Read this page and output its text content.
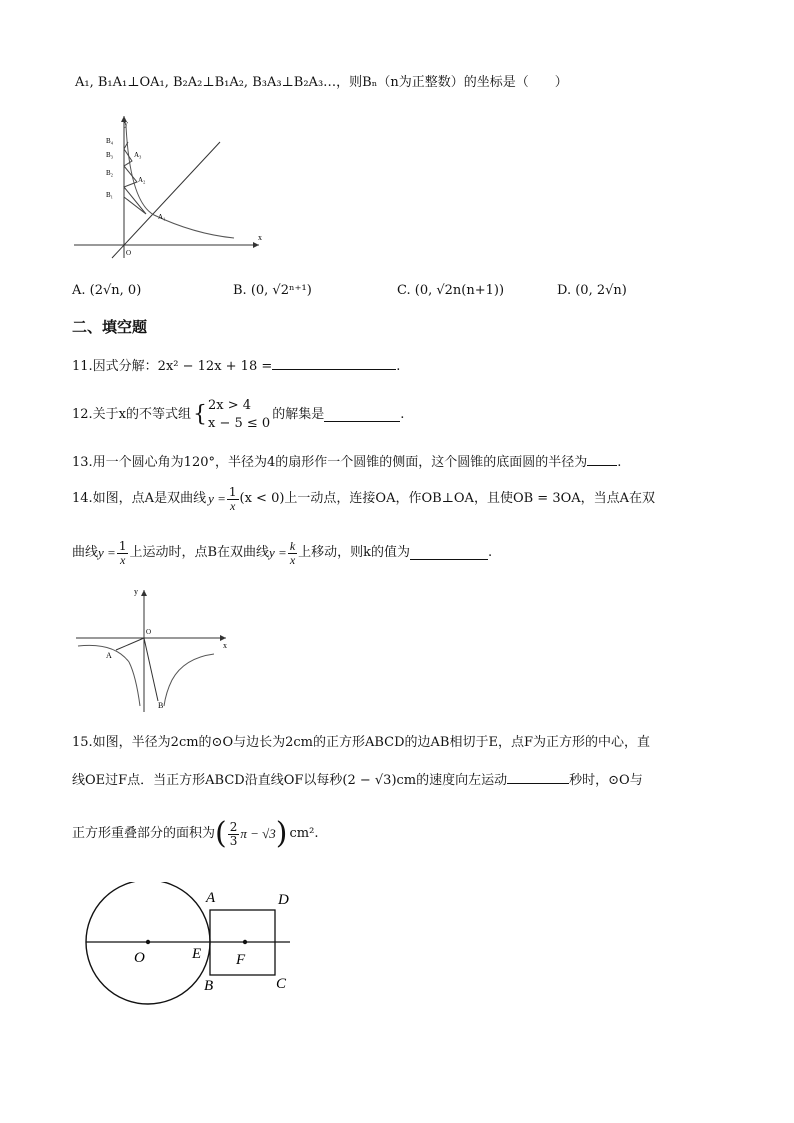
A₁, B₁A₁⊥OA₁, B₂A₂⊥B₁A₂, B₃A₃⊥B₂A₃…，则Bₙ（n为正整数）的坐标是（　　）
y
x
O
B₄
B₃
B₂
B₁
A₃
A₂
A₁
A. (2√n, 0)	B. (0, √2ⁿ⁺¹)	C. (0, √2n(n+1))	D. (0, 2√n)
二、填空题
11.因式分解：2x² − 12x + 18 =	.
12.关于x的不等式组 { 2x > 4
x − 5 ≤ 0
的解集是	.
13.用一个圆心角为120°，半径为4的扇形作一个圆锥的侧面，这个圆锥的底面圆的半径为 .
14.如图，点A是双曲线 $y = \frac{1}{x} (x < 0)$上一动点，连接OA，作OB⊥OA，且使OB = 3OA，当点A在双
曲线 $y = \frac{1}{x}$ 上运动时，点B在双曲线 $y = \frac{k}{x}$ 上移动，则k的值为	.
y
x
O
A
B
15.如图，半径为2cm的⊙O与边长为2cm的正方形ABCD的边AB相切于E，点F为正方形的中心，直
线OE过F点．当正方形ABCD沿直线OF以每秒(2 − √3)cm的速度向左运动	秒时，⊙O与
正方形重叠部分的面积为 ( $\frac{2}{3}$ π − √3 ) cm² .
A	D
E
O	F
B	C
